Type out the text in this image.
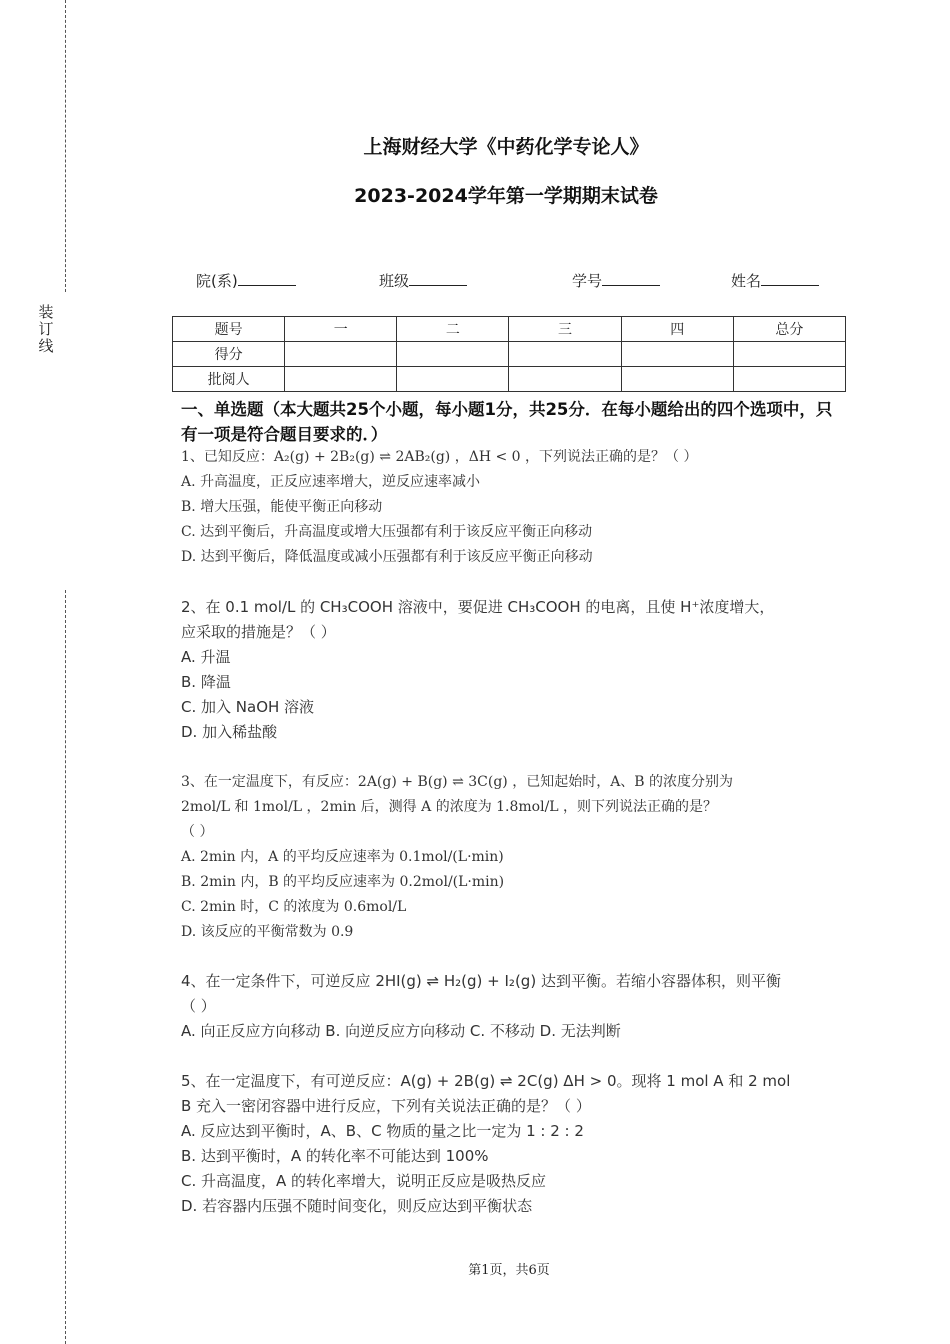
装订线
上海财经大学《中药化学专论人》
2023-2024学年第一学期期末试卷
院(系)	班级	学号	姓名
题号	一	二	三	四	总分
得分					
批阅人					
一、单选题（本大题共25个小题，每小题1分，共25分．在每小题给出的四个选项中，只有一项是符合题目要求的．）
1、已知反应：A₂(g) + 2B₂(g) ⇌ 2AB₂(g) ，ΔH < 0 ，下列说法正确的是？（ ）
A. 升高温度，正反应速率增大，逆反应速率减小
B. 增大压强，能使平衡正向移动
C. 达到平衡后，升高温度或增大压强都有利于该反应平衡正向移动
D. 达到平衡后，降低温度或减小压强都有利于该反应平衡正向移动
2、在 0.1 mol/L 的 CH₃COOH 溶液中，要促进 CH₃COOH 的电离，且使 H⁺浓度增大，
应采取的措施是？（ ）
A. 升温
B. 降温
C. 加入 NaOH 溶液
D. 加入稀盐酸
3、在一定温度下，有反应：2A(g) + B(g) ⇌ 3C(g) ，已知起始时，A、B 的浓度分别为
2mol/L 和 1mol/L ，2min 后，测得 A 的浓度为 1.8mol/L ，则下列说法正确的是？
（ ）
A. 2min 内，A 的平均反应速率为 0.1mol/(L·min)
B. 2min 内，B 的平均反应速率为 0.2mol/(L·min)
C. 2min 时，C 的浓度为 0.6mol/L
D. 该反应的平衡常数为 0.9
4、在一定条件下，可逆反应 2HI(g) ⇌ H₂(g) + I₂(g) 达到平衡。若缩小容器体积，则平衡
（ ）
A. 向正反应方向移动 B. 向逆反应方向移动 C. 不移动 D. 无法判断
5、在一定温度下，有可逆反应：A(g) + 2B(g) ⇌ 2C(g) ΔH > 0。现将 1 mol A 和 2 mol
B 充入一密闭容器中进行反应，下列有关说法正确的是？（ ）
A. 反应达到平衡时，A、B、C 物质的量之比一定为 1 : 2 : 2
B. 达到平衡时，A 的转化率不可能达到 100%
C. 升高温度，A 的转化率增大，说明正反应是吸热反应
D. 若容器内压强不随时间变化，则反应达到平衡状态
第1页，共6页
